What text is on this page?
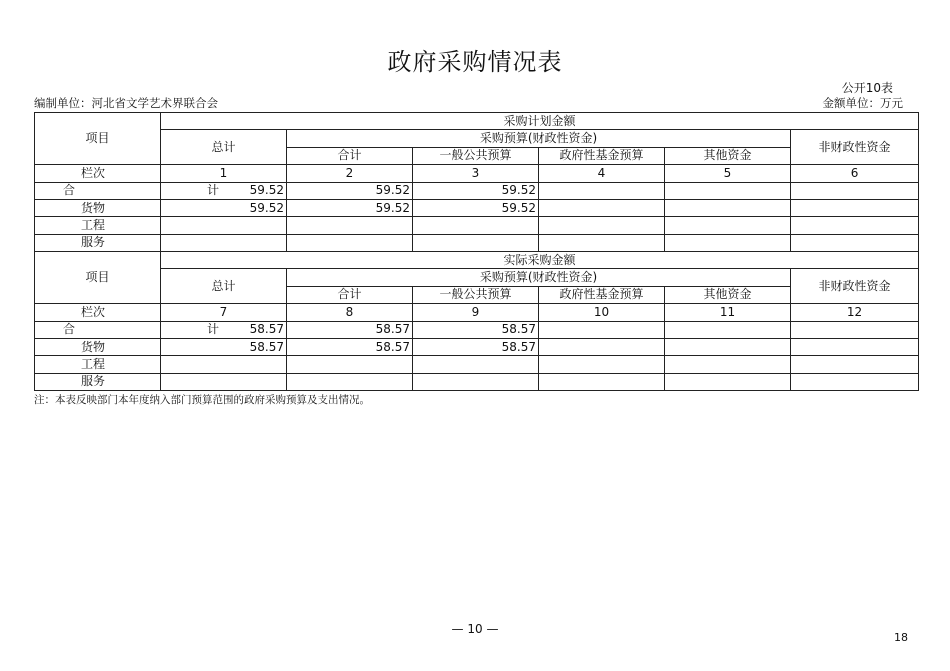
政府采购情况表
公开10表
编制单位：河北省文学艺术界联合会	金额单位：万元
项目	采购计划金额					
	总计	采购预算(财政性资金)				非财政性资金
		合计	一般公共预算	政府性基金预算	其他资金	
栏次	1	2	3	4	5	6
合　　计	59.52	59.52	59.52			
货物	59.52	59.52	59.52			
工程						
服务						
项目	实际采购金额					
	总计	采购预算(财政性资金)				非财政性资金
		合计	一般公共预算	政府性基金预算	其他资金	
栏次	7	8	9	10	11	12
合　　计	58.57	58.57	58.57			
货物	58.57	58.57	58.57			
工程						
服务						
注：本表反映部门本年度纳入部门预算范围的政府采购预算及支出情况。
— 10 —
18
